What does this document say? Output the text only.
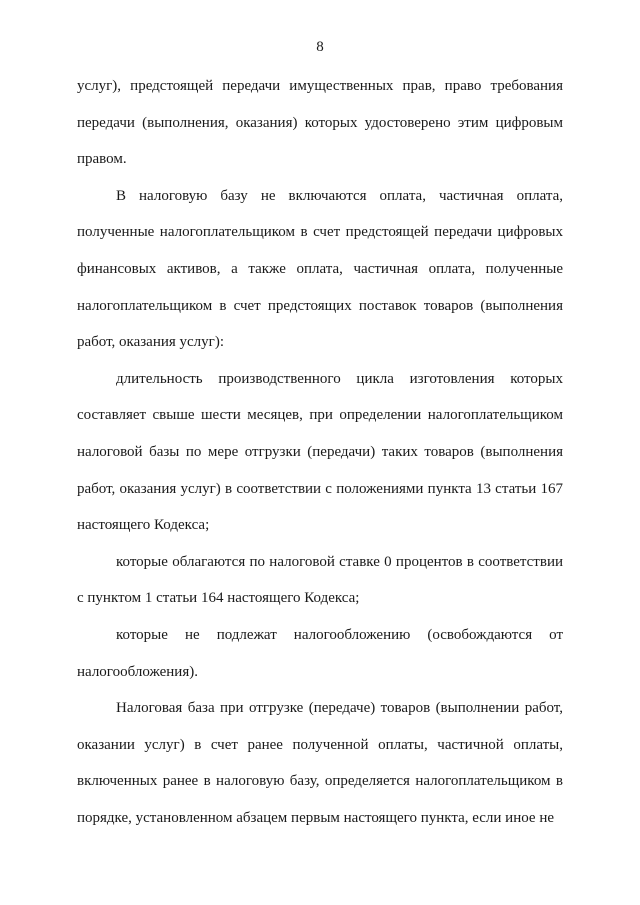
8

услуг), предстоящей передачи имущественных прав, право требования передачи (выполнения, оказания) которых удостоверено этим цифровым правом.

В налоговую базу не включаются оплата, частичная оплата, полученные налогоплательщиком в счет предстоящей передачи цифровых финансовых активов, а также оплата, частичная оплата, полученные налогоплательщиком в счет предстоящих поставок товаров (выполнения работ, оказания услуг):

длительность производственного цикла изготовления которых составляет свыше шести месяцев, при определении налогоплательщиком налоговой базы по мере отгрузки (передачи) таких товаров (выполнения работ, оказания услуг) в соответствии с положениями пункта 13 статьи 167 настоящего Кодекса;

которые облагаются по налоговой ставке 0 процентов в соответствии с пунктом 1 статьи 164 настоящего Кодекса;

которые не подлежат налогообложению (освобождаются от налогообложения).

Налоговая база при отгрузке (передаче) товаров (выполнении работ, оказании услуг) в счет ранее полученной оплаты, частичной оплаты, включенных ранее в налоговую базу, определяется налогоплательщиком в порядке, установленном абзацем первым настоящего пункта, если иное не
